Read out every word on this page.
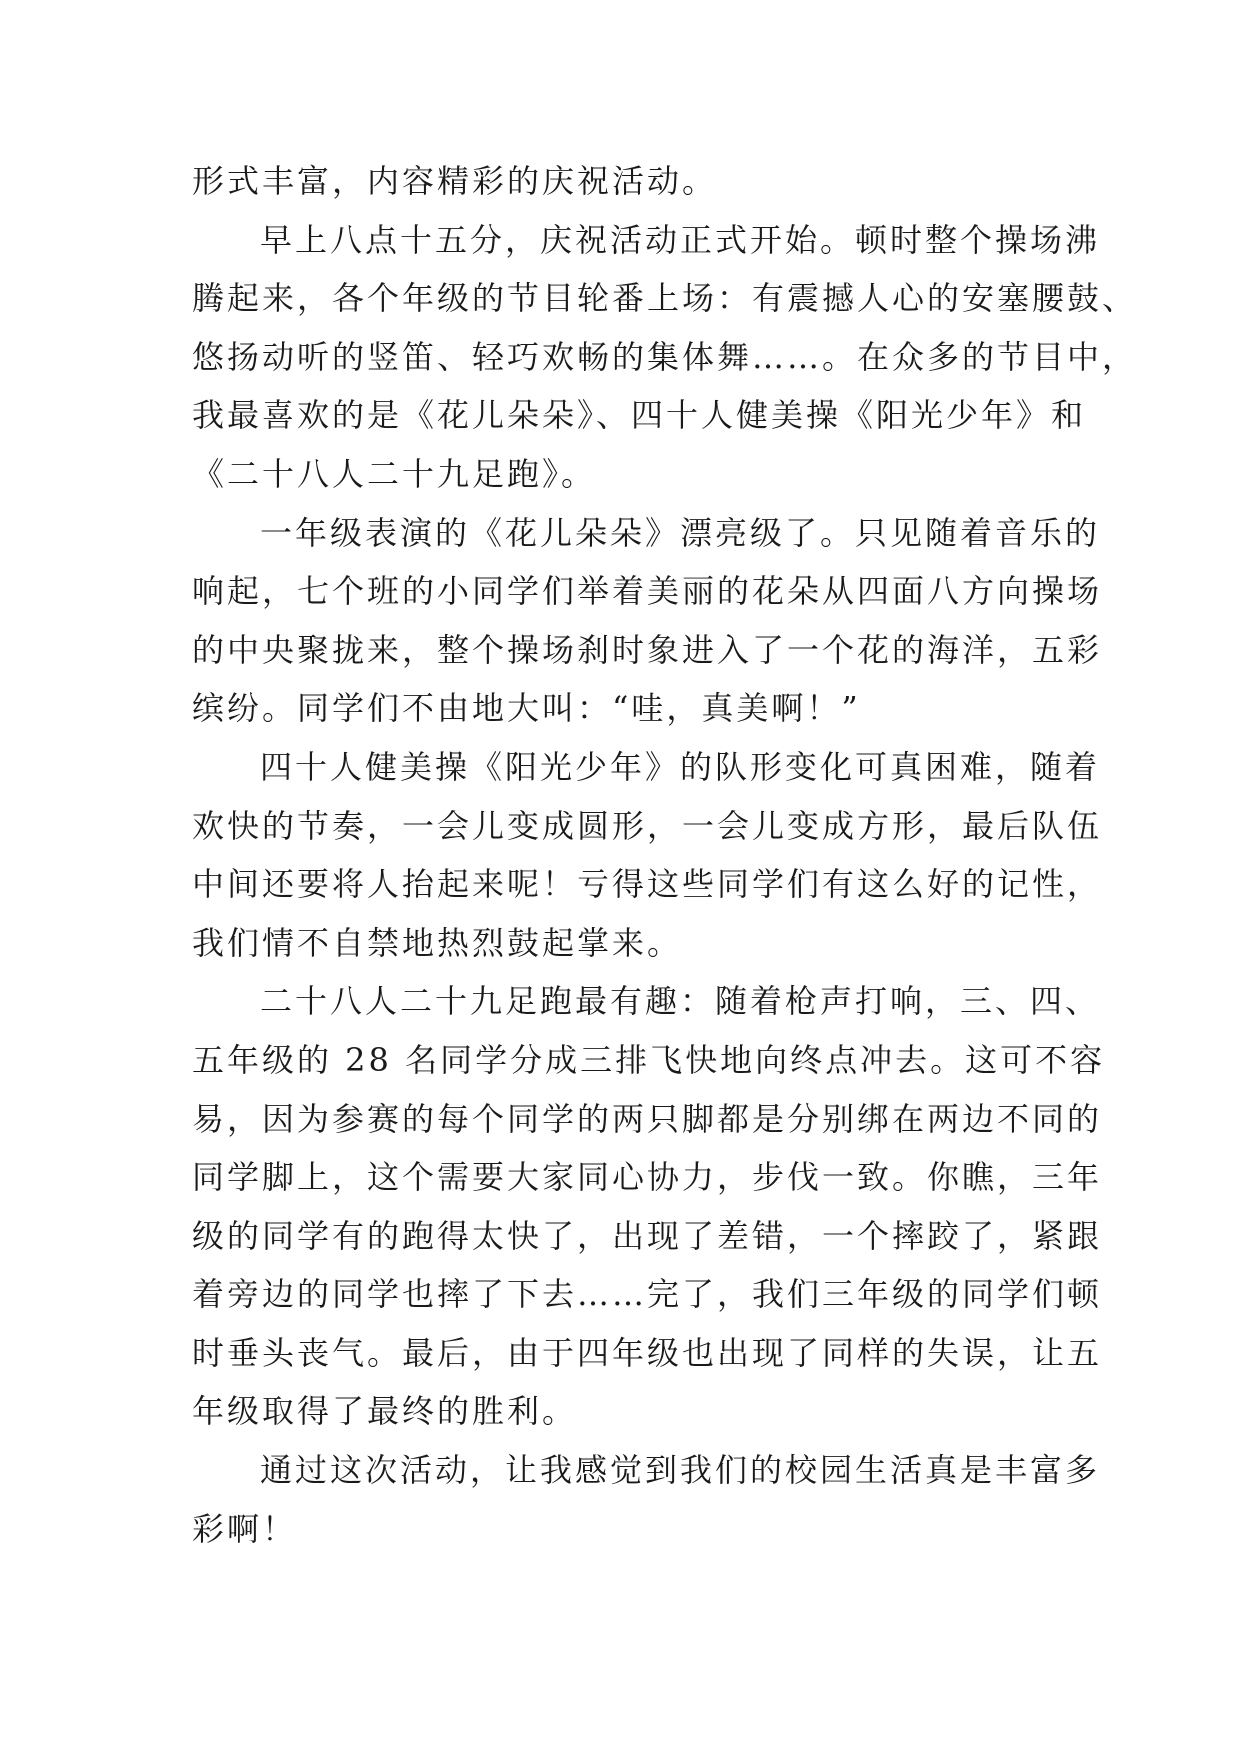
形式丰富，内容精彩的庆祝活动。
早上八点十五分，庆祝活动正式开始。顿时整个操场沸
腾起来，各个年级的节目轮番上场：有震撼人心的安塞腰鼓、
悠扬动听的竖笛、轻巧欢畅的集体舞……。在众多的节目中，
我最喜欢的是《花儿朵朵》、四十人健美操《阳光少年》和
《二十八人二十九足跑》。
一年级表演的《花儿朵朵》漂亮级了。只见随着音乐的
响起，七个班的小同学们举着美丽的花朵从四面八方向操场
的中央聚拢来，整个操场刹时象进入了一个花的海洋，五彩
缤纷。同学们不由地大叫：“哇，真美啊！”
四十人健美操《阳光少年》的队形变化可真困难，随着
欢快的节奏，一会儿变成圆形，一会儿变成方形，最后队伍
中间还要将人抬起来呢！亏得这些同学们有这么好的记性，
我们情不自禁地热烈鼓起掌来。
二十八人二十九足跑最有趣：随着枪声打响，三、四、
五年级的 28 名同学分成三排飞快地向终点冲去。这可不容
易，因为参赛的每个同学的两只脚都是分别绑在两边不同的
同学脚上，这个需要大家同心协力，步伐一致。你瞧，三年
级的同学有的跑得太快了，出现了差错，一个摔跤了，紧跟
着旁边的同学也摔了下去……完了，我们三年级的同学们顿
时垂头丧气。最后，由于四年级也出现了同样的失误，让五
年级取得了最终的胜利。
通过这次活动，让我感觉到我们的校园生活真是丰富多
彩啊！
